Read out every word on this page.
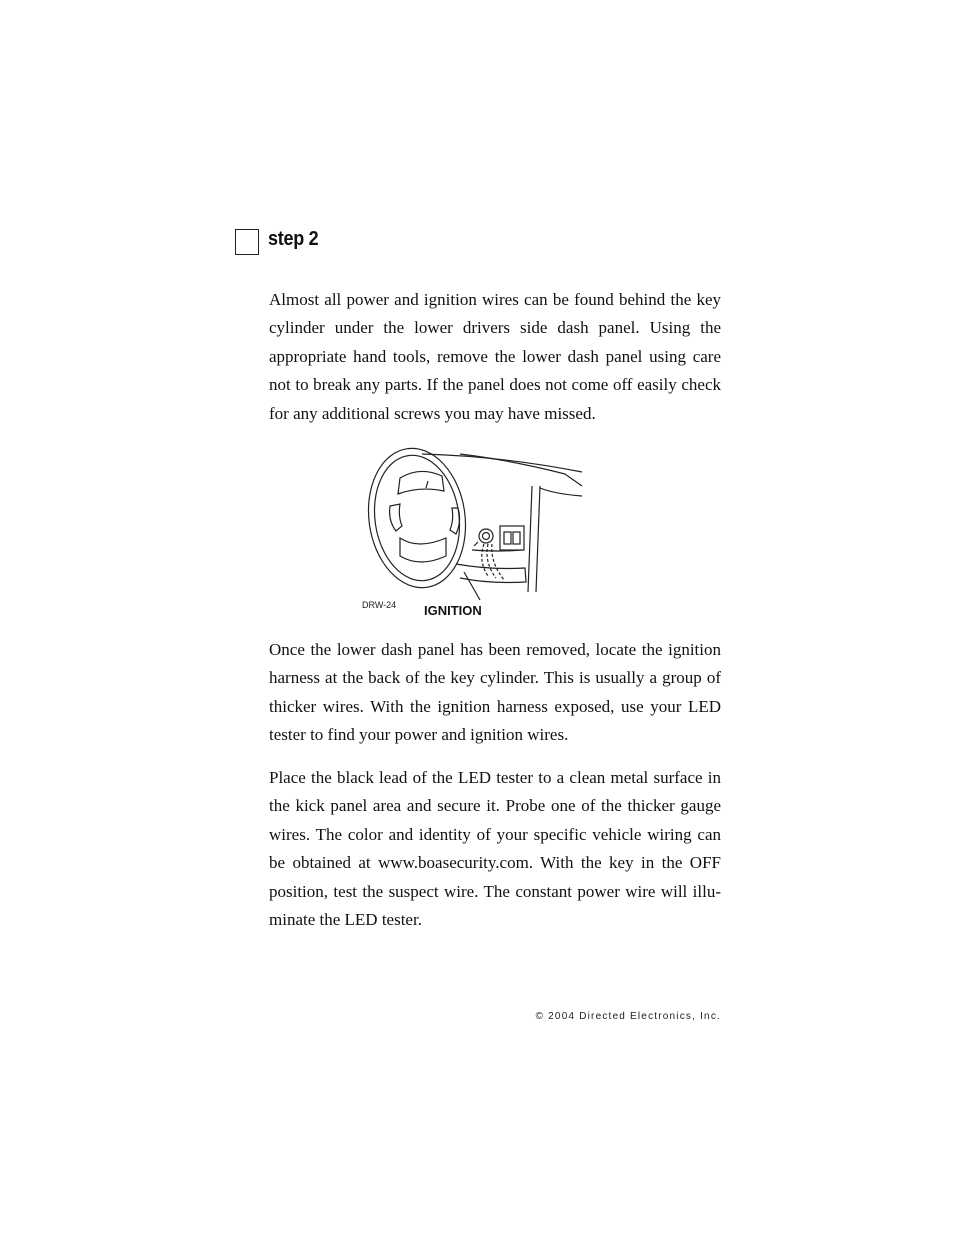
step 2

Almost all power and ignition wires can be found behind the key cylinder under the lower drivers side dash panel. Using the appropriate hand tools, remove the lower dash panel using care not to break any parts. If the panel does not come off easily check for any additional screws you may have missed.

DRW-24 IGNITION

Once the lower dash panel has been removed, locate the ignition harness at the back of the key cylinder. This is usually a group of thicker wires. With the ignition harness exposed, use your LED tester to find your power and ignition wires.

Place the black lead of the LED tester to a clean metal surface in the kick panel area and secure it. Probe one of the thicker gauge wires. The color and identity of your specific vehicle wiring can be obtained at www.boasecurity.com. With the key in the OFF position, test the suspect wire. The constant power wire will illu-minate the LED tester.

© 2004 Directed Electronics, Inc.
